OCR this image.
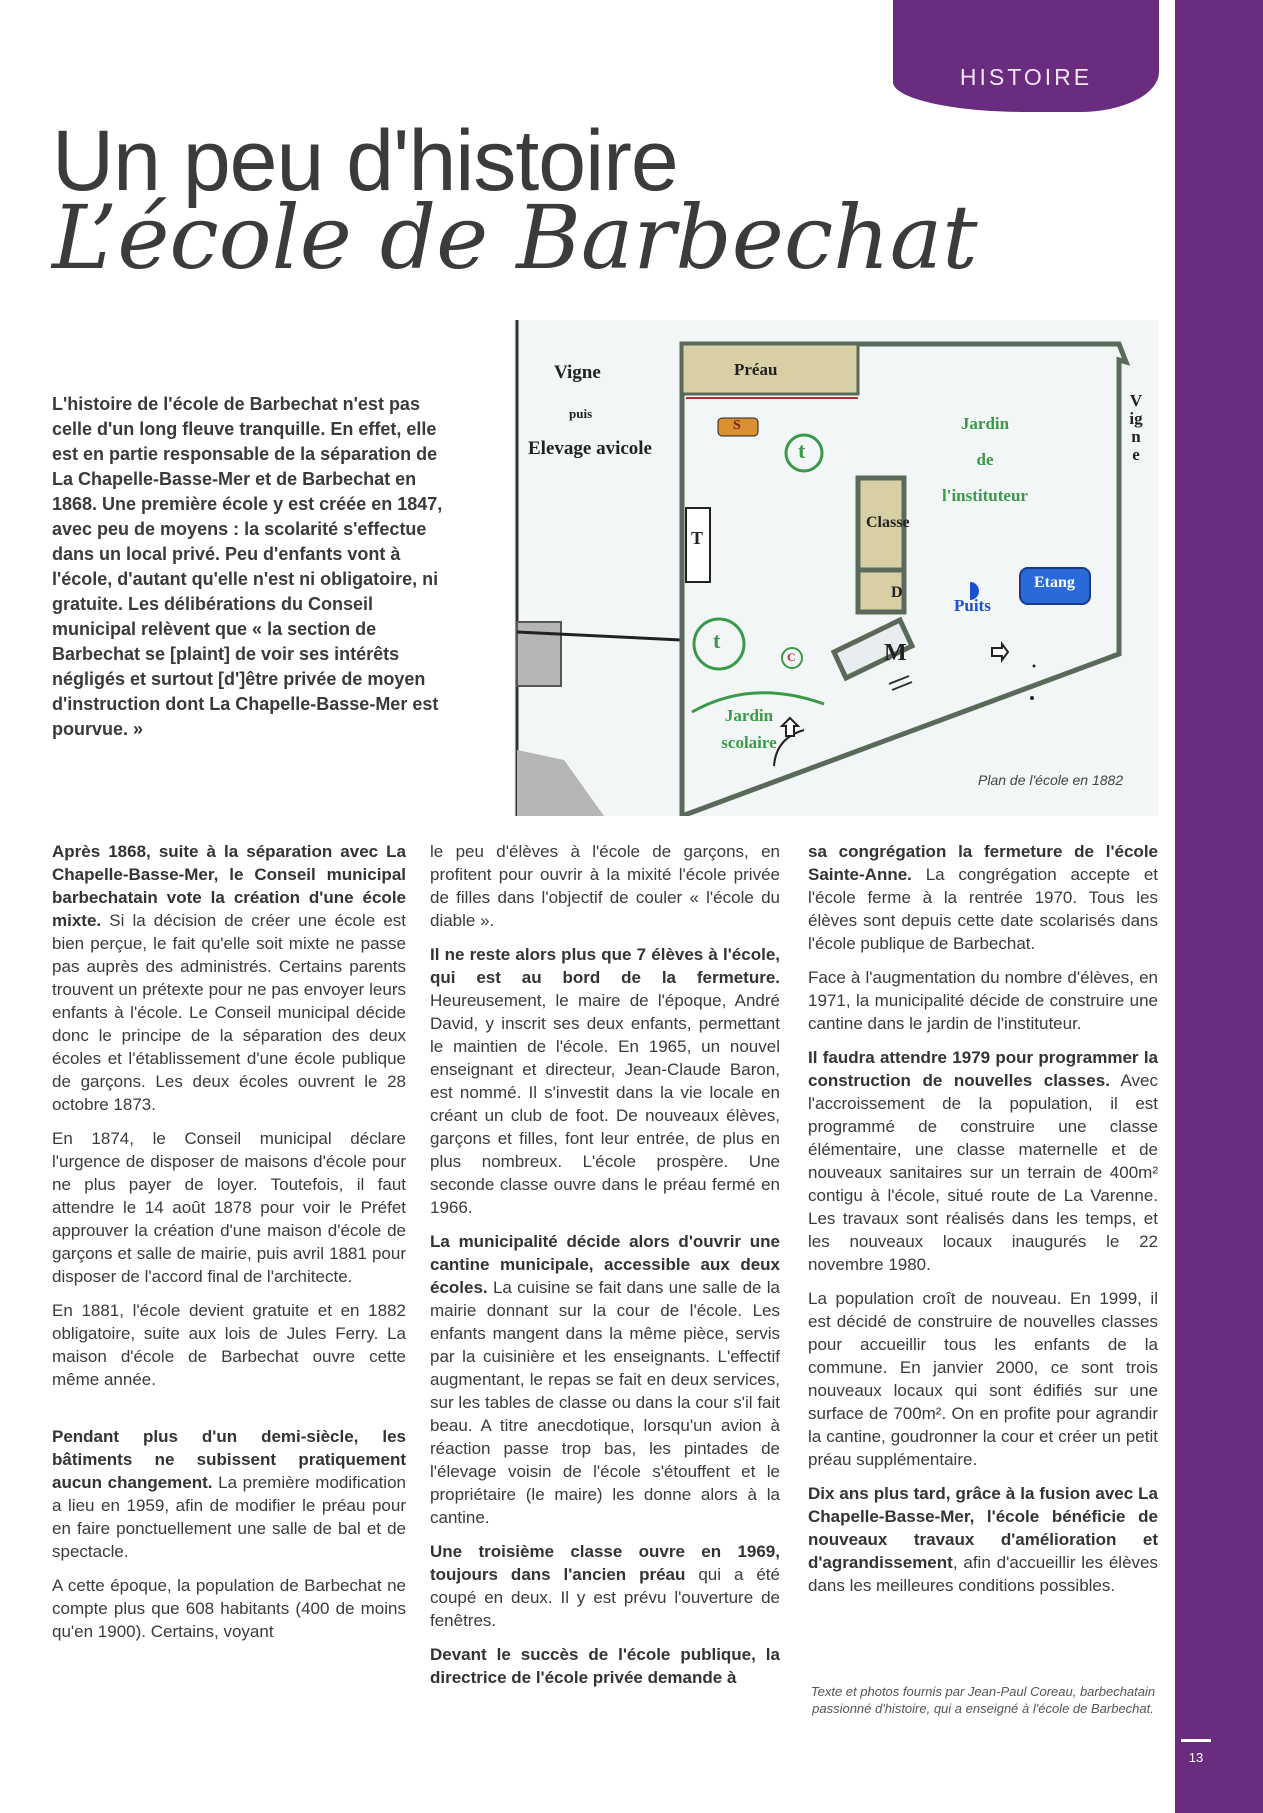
13
HISTOIRE
Un peu d'histoire
L’école de Barbechat

L'histoire de l'école de Barbechat n'est pas celle d'un long fleuve tranquille. En effet, elle est en partie responsable de la séparation de La Chapelle-Basse-Mer et de Barbechat en 1868. Une première école y est créée en 1847, avec peu de moyens : la scolarité s'effectue dans un local privé. Peu d'enfants vont à l'école, d'autant qu'elle n'est ni obligatoire, ni gratuite. Les délibérations du Conseil municipal relèvent que « la section de Barbechat se [plaint] de voir ses intérêts négligés et surtout [d']être privée de moyen d'instruction dont La Chapelle-Basse-Mer est pourvue. »

Vigne
puis
Elevage avicole
Préau
Jardin
de
l'instituteur
Vigne
Classe
D
Puits
Etang
M
T
t
t
C
S
Jardin
scolaire
Plan de l'école en 1882

Après 1868, suite à la séparation avec La Chapelle-Basse-Mer, le Conseil municipal barbechatain vote la création d'une école mixte. Si la décision de créer une école est bien perçue, le fait qu'elle soit mixte ne passe pas auprès des administrés. Certains parents trouvent un prétexte pour ne pas envoyer leurs enfants à l'école. Le Conseil municipal décide donc le principe de la séparation des deux écoles et l'établissement d'une école publique de garçons. Les deux écoles ouvrent le 28 octobre 1873.

En 1874, le Conseil municipal déclare l'urgence de disposer de maisons d'école pour ne plus payer de loyer. Toutefois, il faut attendre le 14 août 1878 pour voir le Préfet approuver la création d'une maison d'école de garçons et salle de mairie, puis avril 1881 pour disposer de l'accord final de l'architecte.

En 1881, l'école devient gratuite et en 1882 obligatoire, suite aux lois de Jules Ferry. La maison d'école de Barbechat ouvre cette même année.

Pendant plus d'un demi-siècle, les bâtiments ne subissent pratiquement aucun changement. La première modification a lieu en 1959, afin de modifier le préau pour en faire ponctuellement une salle de bal et de spectacle.

A cette époque, la population de Barbechat ne compte plus que 608 habitants (400 de moins qu'en 1900). Certains, voyant

le peu d'élèves à l'école de garçons, en profitent pour ouvrir à la mixité l'école privée de filles dans l'objectif de couler « l'école du diable ».

Il ne reste alors plus que 7 élèves à l'école, qui est au bord de la fermeture. Heureusement, le maire de l'époque, André David, y inscrit ses deux enfants, permettant le maintien de l'école. En 1965, un nouvel enseignant et directeur, Jean-Claude Baron, est nommé. Il s'investit dans la vie locale en créant un club de foot. De nouveaux élèves, garçons et filles, font leur entrée, de plus en plus nombreux. L'école prospère. Une seconde classe ouvre dans le préau fermé en 1966.

La municipalité décide alors d'ouvrir une cantine municipale, accessible aux deux écoles. La cuisine se fait dans une salle de la mairie donnant sur la cour de l'école. Les enfants mangent dans la même pièce, servis par la cuisinière et les enseignants. L'effectif augmentant, le repas se fait en deux services, sur les tables de classe ou dans la cour s'il fait beau. A titre anecdotique, lorsqu'un avion à réaction passe trop bas, les pintades de l'élevage voisin de l'école s'étouffent et le propriétaire (le maire) les donne alors à la cantine.

Une troisième classe ouvre en 1969, toujours dans l'ancien préau qui a été coupé en deux. Il y est prévu l'ouverture de fenêtres.

Devant le succès de l'école publique, la directrice de l'école privée demande à

sa congrégation la fermeture de l'école Sainte-Anne. La congrégation accepte et l'école ferme à la rentrée 1970. Tous les élèves sont depuis cette date scolarisés dans l'école publique de Barbechat.

Face à l'augmentation du nombre d'élèves, en 1971, la municipalité décide de construire une cantine dans le jardin de l'instituteur.

Il faudra attendre 1979 pour programmer la construction de nouvelles classes. Avec l'accroissement de la population, il est programmé de construire une classe élémentaire, une classe maternelle et de nouveaux sanitaires sur un terrain de 400m² contigu à l'école, situé route de La Varenne. Les travaux sont réalisés dans les temps, et les nouveaux locaux inaugurés le 22 novembre 1980.

La population croît de nouveau. En 1999, il est décidé de construire de nouvelles classes pour accueillir tous les enfants de la commune. En janvier 2000, ce sont trois nouveaux locaux qui sont édifiés sur une surface de 700m². On en profite pour agrandir la cantine, goudronner la cour et créer un petit préau supplémentaire.

Dix ans plus tard, grâce à la fusion avec La Chapelle-Basse-Mer, l'école bénéficie de nouveaux travaux d'amélioration et d'agrandissement, afin d'accueillir les élèves dans les meilleures conditions possibles.

Texte et photos fournis par Jean-Paul Coreau, barbechatain passionné d'histoire, qui a enseigné à l'école de Barbechat.
